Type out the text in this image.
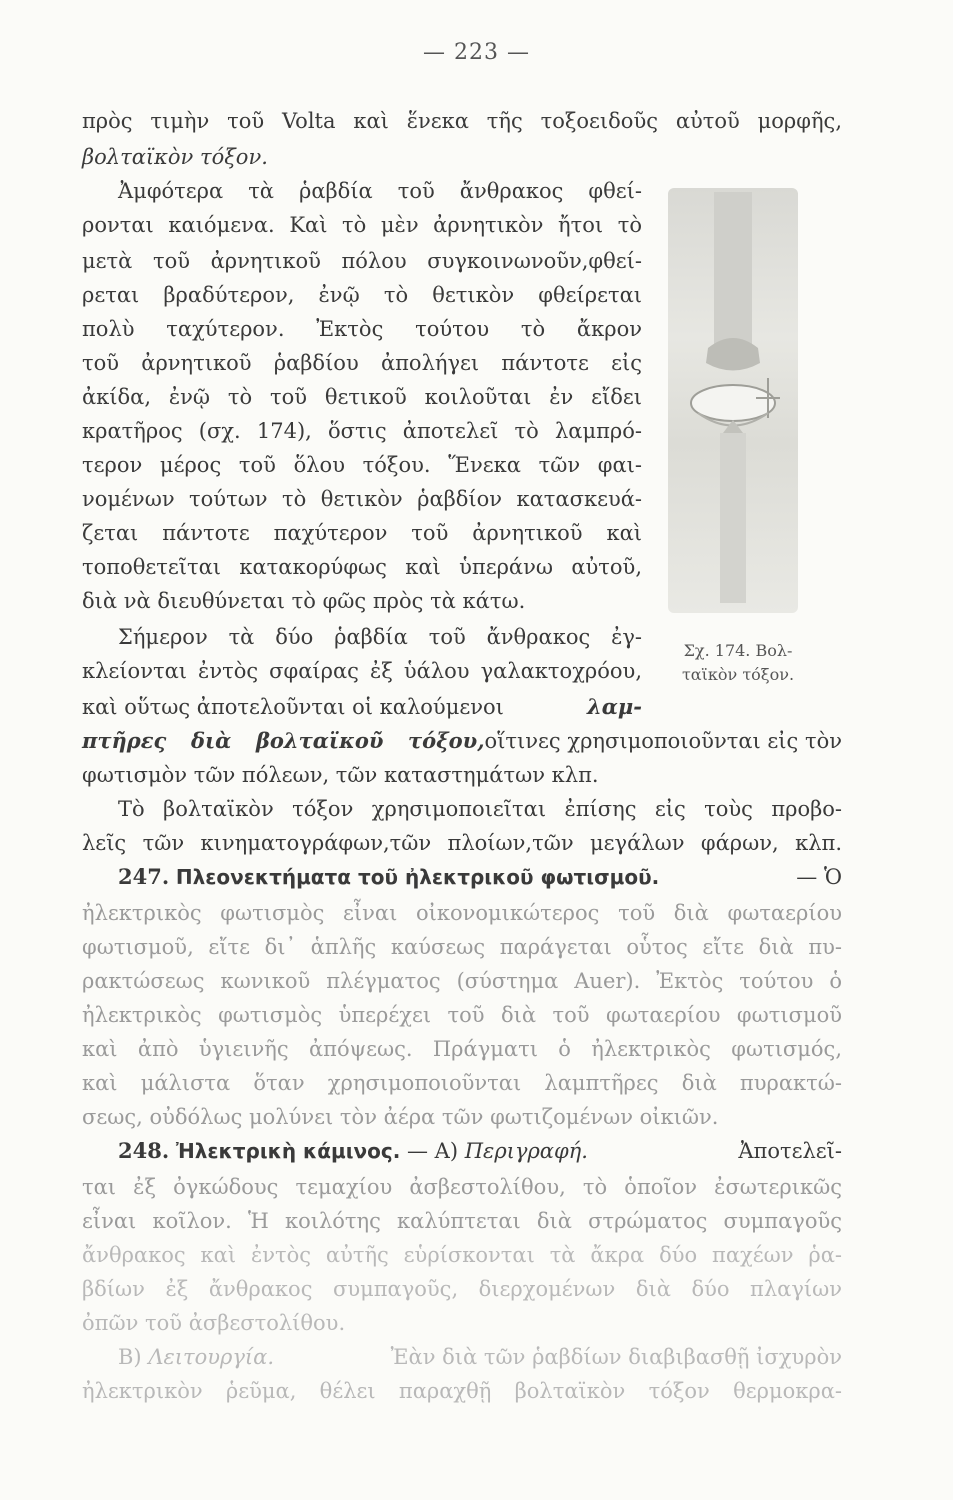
— 223 —
πρὸς τιμὴν τοῦ Volta καὶ ἕνεκα τῆς τοξοειδοῦς αὐτοῦ μορφῆς,
βολταϊκὸν τόξον.
Ἀμφότερα τὰ ῥαβδία τοῦ ἄνθρακος φθεί-
ρονται καιόμενα. Καὶ τὸ μὲν ἀρνητικὸν ἤτοι τὸ
μετὰ τοῦ ἀρνητικοῦ πόλου συγκοινωνοῦν,φθεί-
ρεται βραδύτερον, ἐνῷ τὸ θετικὸν φθείρεται
πολὺ ταχύτερον. Ἐκτὸς τούτου τὸ ἄκρον
τοῦ ἀρνητικοῦ ῥαβδίου ἀπολήγει πάντοτε εἰς
ἀκίδα, ἐνῷ τὸ τοῦ θετικοῦ κοιλοῦται ἐν εἴδει
κρατῆρος (σχ. 174), ὅστις ἀποτελεῖ τὸ λαμπρό-
τερον μέρος τοῦ ὅλου τόξου. Ἕνεκα τῶν φαι-
νομένων τούτων τὸ θετικὸν ῥαβδίον κατασκευά-
ζεται πάντοτε παχύτερον τοῦ ἀρνητικοῦ καὶ
τοποθετεῖται κατακορύφως καὶ ὑπεράνω αὐτοῦ,
διὰ νὰ διευθύνεται τὸ φῶς πρὸς τὰ κάτω.
Σήμερον τὰ δύο ῥαβδία τοῦ ἄνθρακος ἐγ-
κλείονται ἐντὸς σφαίρας ἐξ ὑάλου γαλακτοχρόου,
καὶ οὕτως ἀποτελοῦνται οἱ καλούμενοι	λαμ-
πτῆρες διὰ βολταϊκοῦ τόξου, οἵτινες χρησιμοποιοῦνται εἰς τὸν
φωτισμὸν τῶν πόλεων, τῶν καταστημάτων κλπ.
Τὸ βολταϊκὸν τόξον χρησιμοποιεῖται ἐπίσης εἰς τοὺς προβο-
λεῖς τῶν κινηματογράφων,τῶν πλοίων,τῶν μεγάλων φάρων, κλπ.
247. Πλεονεκτήματα τοῦ ἠλεκτρικοῦ φωτισμοῦ.	— Ὁ
ἠλεκτρικὸς φωτισμὸς εἶναι οἰκονομικώτερος τοῦ διὰ φωταερίου
φωτισμοῦ, εἴτε δι᾿ ἁπλῆς καύσεως παράγεται οὗτος εἴτε διὰ πυ-
ρακτώσεως κωνικοῦ πλέγματος (σύστημα Auer). Ἐκτὸς τούτου ὁ
ἠλεκτρικὸς φωτισμὸς ὑπερέχει τοῦ διὰ τοῦ φωταερίου φωτισμοῦ
καὶ ἀπὸ ὑγιεινῆς ἀπόψεως. Πράγματι ὁ ἠλεκτρικὸς φωτισμός,
καὶ μάλιστα ὅταν χρησιμοποιοῦνται λαμπτῆρες διὰ πυρακτώ-
σεως, οὐδόλως μολύνει τὸν ἀέρα τῶν φωτιζομένων οἰκιῶν.
248. Ἠλεκτρικὴ κάμινος. — Α) Περιγραφή.	Ἀποτελεῖ-
ται ἐξ ὀγκώδους τεμαχίου ἀσβεστολίθου, τὸ ὁποῖον ἐσωτερικῶς
εἶναι κοῖλον. Ἡ κοιλότης καλύπτεται διὰ στρώματος συμπαγοῦς
ἄνθρακος καὶ ἐντὸς αὐτῆς εὑρίσκονται τὰ ἄκρα δύο παχέων ῥα-
βδίων ἐξ ἄνθρακος συμπαγοῦς, διερχομένων διὰ δύο πλαγίων
ὀπῶν τοῦ ἀσβεστολίθου.
Β) Λειτουργία.	Ἐὰν διὰ τῶν ῥαβδίων διαβιβασθῇ ἰσχυρὸν
ἠλεκτρικὸν ῥεῦμα, θέλει παραχθῇ βολταϊκὸν τόξον θερμοκρα-
Σχ. 174. Βολ-
ταϊκὸν τόξον.
